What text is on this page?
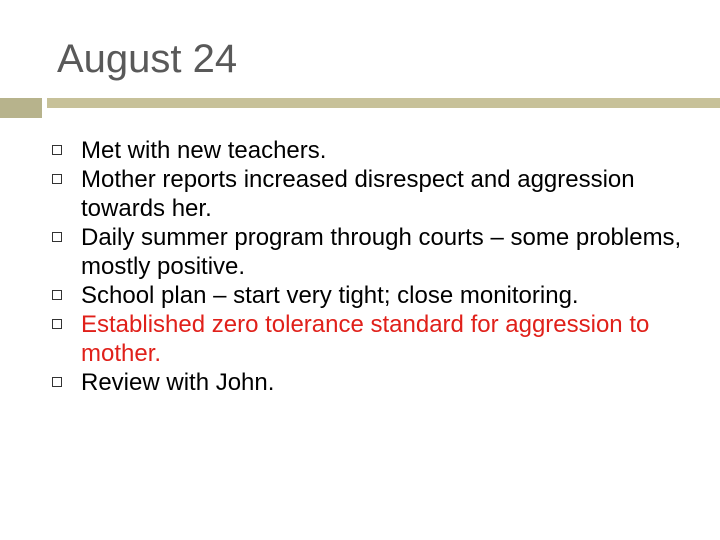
August 24
Met with new teachers.
Mother reports increased disrespect and aggression towards her.
Daily summer program through courts – some problems, mostly positive.
School plan – start very tight; close monitoring.
Established zero tolerance standard for aggression to mother.
Review with John.
